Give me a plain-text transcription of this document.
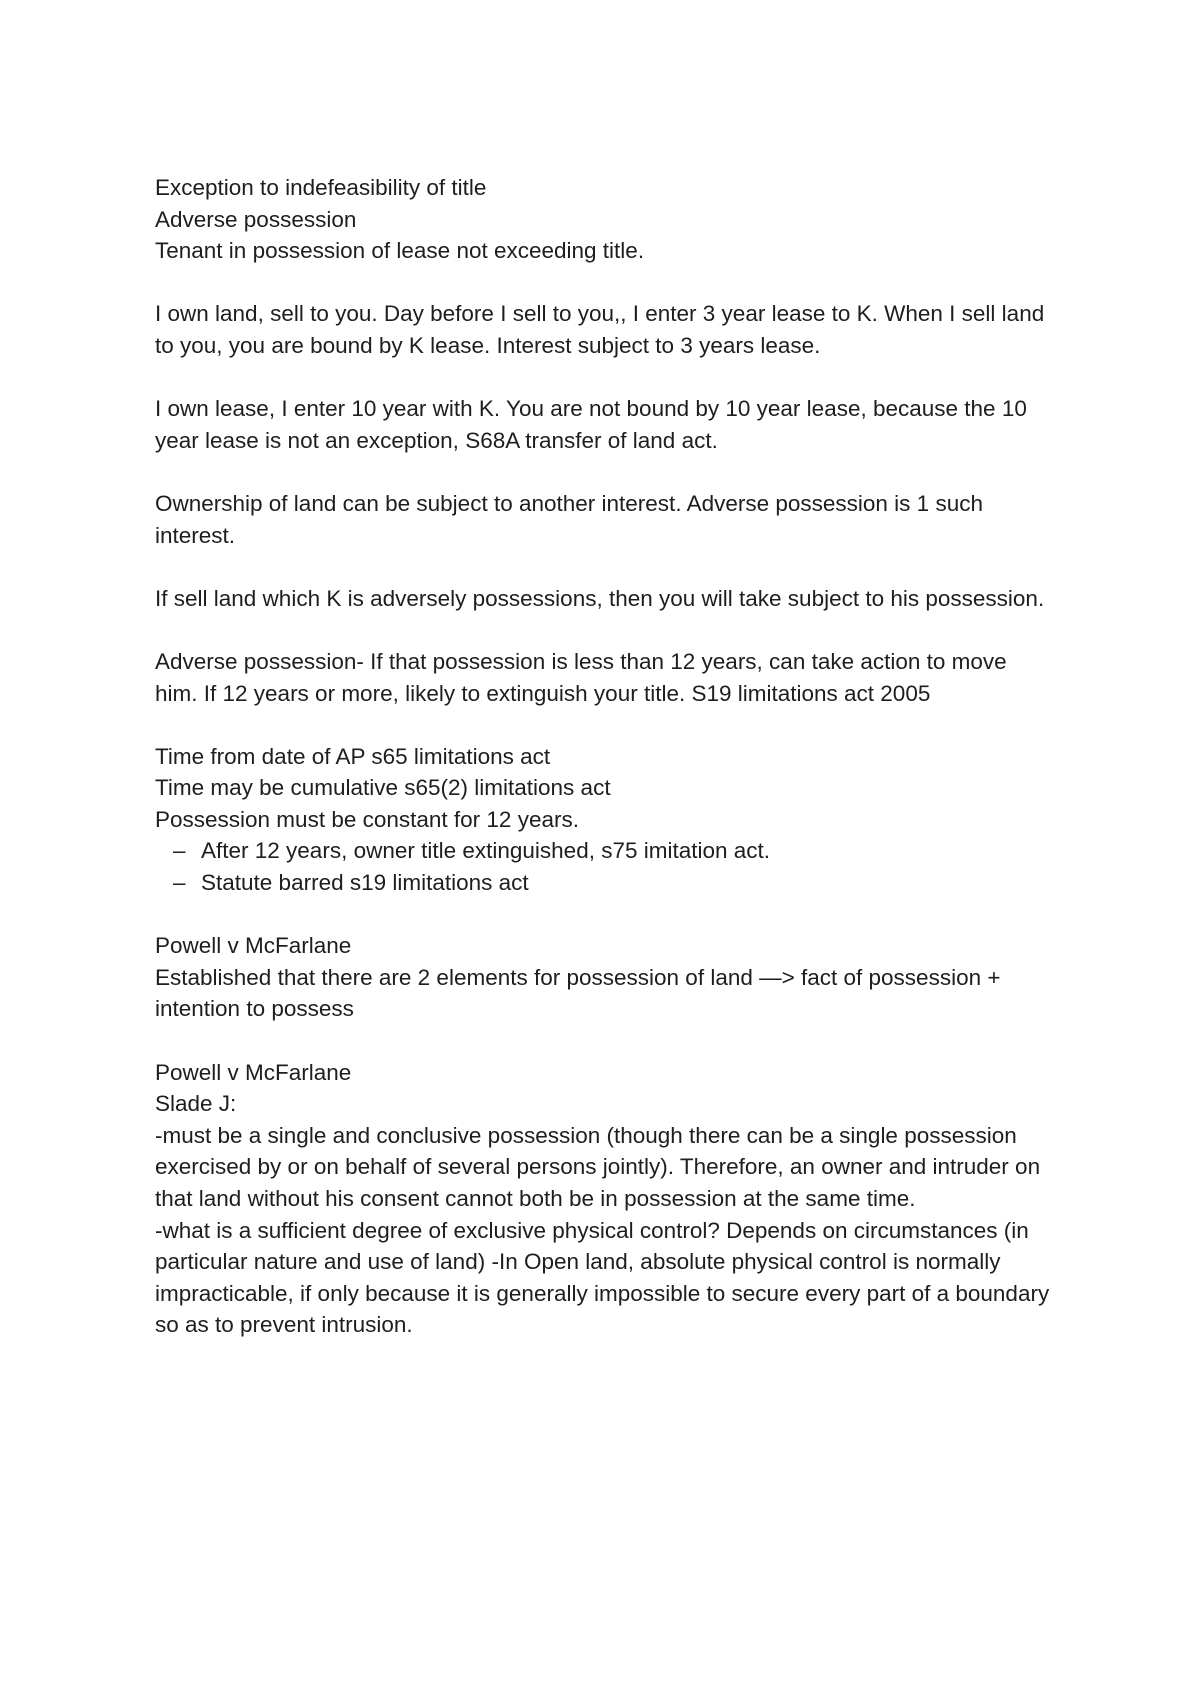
Exception to indefeasibility of title

Adverse possession

Tenant in possession of lease not exceeding title.

I own land, sell to you. Day before I sell to you,, I enter 3 year lease to K. When I sell land to you, you are bound by K lease. Interest subject to 3 years lease.

I own lease, I enter 10 year with K. You are not bound by 10 year lease, because the 10 year lease is not an exception, S68A transfer of land act.

Ownership of land can be subject to another interest. Adverse possession is 1 such interest.

If sell land which K is adversely possessions, then you will take subject to his possession.

Adverse possession- If that possession is less than 12 years, can take action to move him. If 12 years or more, likely to extinguish your title. S19 limitations act 2005

Time from date of AP s65 limitations act

Time may be cumulative s65(2) limitations act

Possession must be constant for 12 years.

– After 12 years, owner title extinguished, s75 imitation act.
– Statute barred s19 limitations act

Powell v McFarlane

Established that there are 2 elements for possession of land —> fact of possession + intention to possess

Powell v McFarlane

Slade J:

-must be a single and conclusive possession (though there can be a single possession exercised by or on behalf of several persons jointly). Therefore, an owner and intruder on that land without his consent cannot both be in possession at the same time.

-what is a sufficient degree of exclusive physical control? Depends on circumstances (in particular nature and use of land) -In Open land, absolute physical control is normally impracticable, if only because it is generally impossible to secure every part of a boundary so as to prevent intrusion.
